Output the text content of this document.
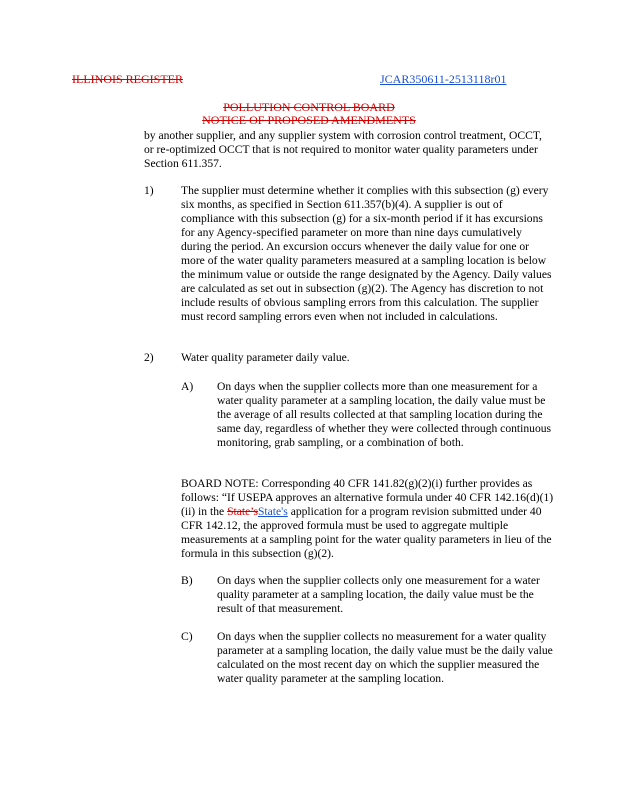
ILLINOIS REGISTER	JCAR350611-2513118r01
POLLUTION CONTROL BOARD
NOTICE OF PROPOSED AMENDMENTS

by another supplier, and any supplier system with corrosion control treatment, OCCT, or re-optimized OCCT that is not required to monitor water quality parameters under Section 611.357.

1) The supplier must determine whether it complies with this subsection (g) every six months, as specified in Section 611.357(b)(4). A supplier is out of compliance with this subsection (g) for a six-month period if it has excursions for any Agency-specified parameter on more than nine days cumulatively during the period. An excursion occurs whenever the daily value for one or more of the water quality parameters measured at a sampling location is below the minimum value or outside the range designated by the Agency. Daily values are calculated as set out in subsection (g)(2). The Agency has discretion to not include results of obvious sampling errors from this calculation. The supplier must record sampling errors even when not included in calculations.

2) Water quality parameter daily value.

A) On days when the supplier collects more than one measurement for a water quality parameter at a sampling location, the daily value must be the average of all results collected at that sampling location during the same day, regardless of whether they were collected through continuous monitoring, grab sampling, or a combination of both.

BOARD NOTE: Corresponding 40 CFR 141.82(g)(2)(i) further provides as follows: “If USEPA approves an alternative formula under 40 CFR 142.16(d)(1)(ii) in the State’sState's application for a program revision submitted under 40 CFR 142.12, the approved formula must be used to aggregate multiple measurements at a sampling point for the water quality parameters in lieu of the formula in this subsection (g)(2).

B) On days when the supplier collects only one measurement for a water quality parameter at a sampling location, the daily value must be the result of that measurement.

C) On days when the supplier collects no measurement for a water quality parameter at a sampling location, the daily value must be the daily value calculated on the most recent day on which the supplier measured the water quality parameter at the sampling location.
